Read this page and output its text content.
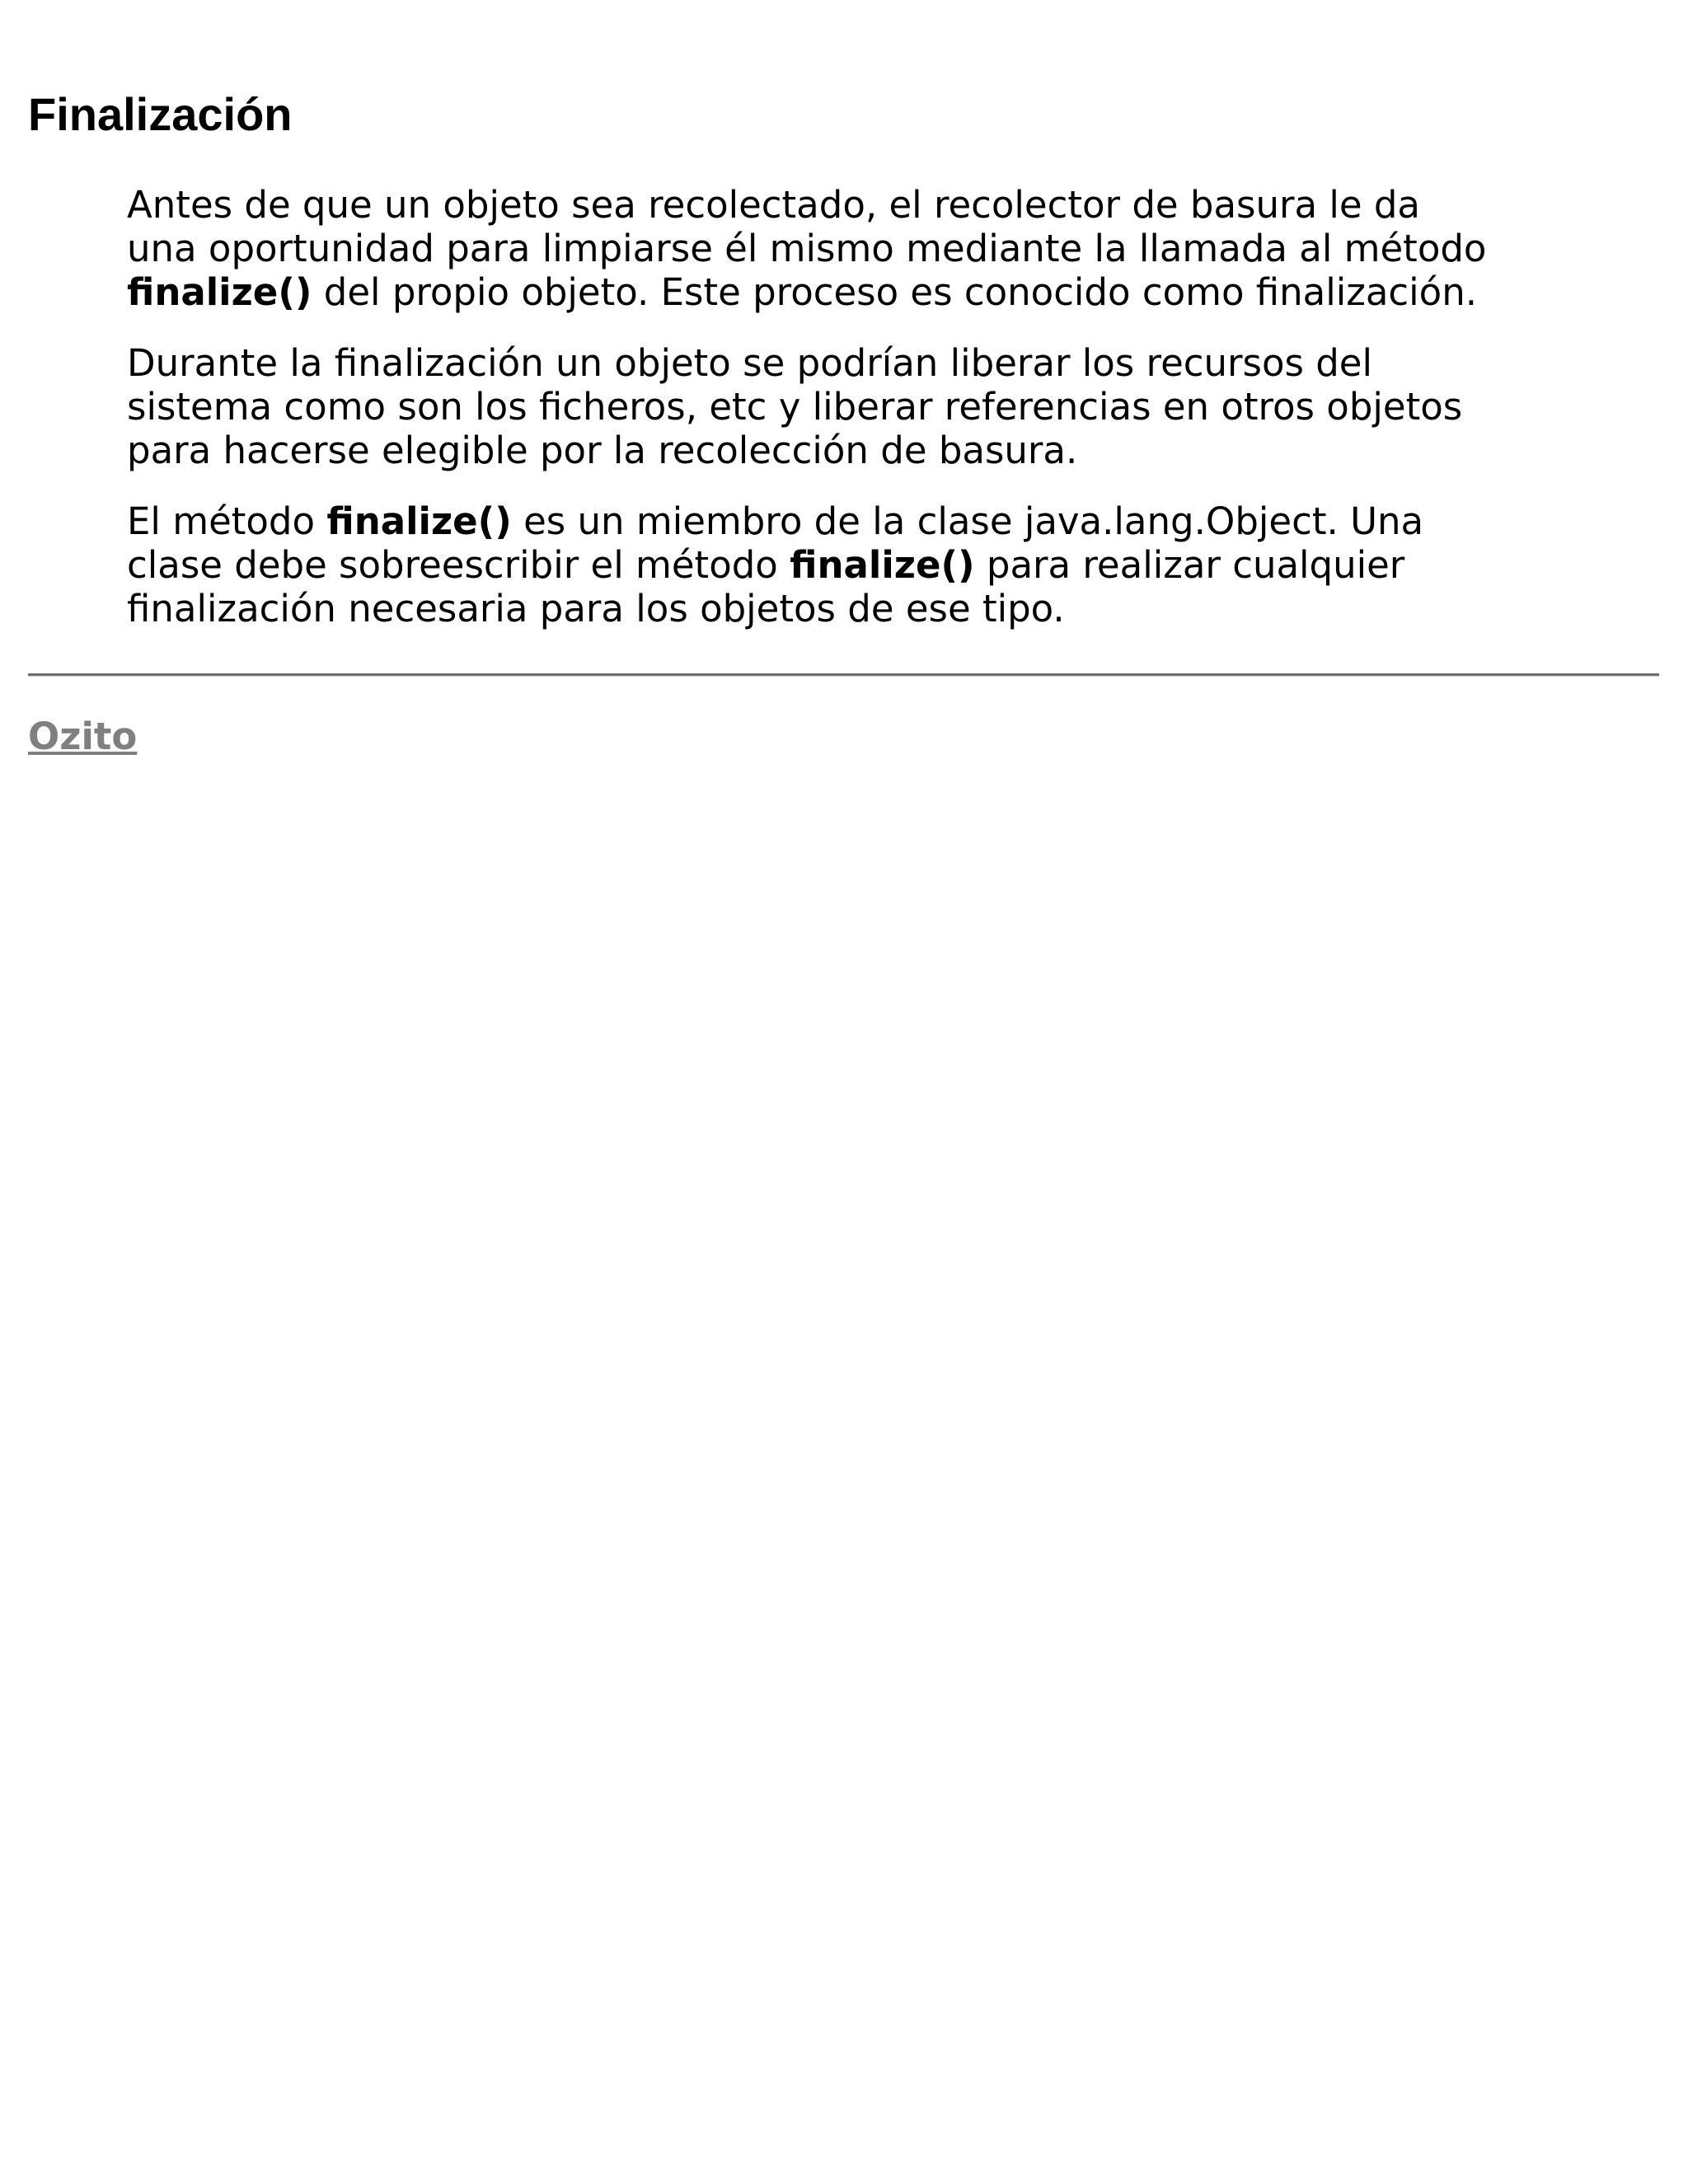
Finalización

Antes de que un objeto sea recolectado, el recolector de basura le da
una oportunidad para limpiarse él mismo mediante la llamada al método
finalize() del propio objeto. Este proceso es conocido como finalización.

Durante la finalización un objeto se podrían liberar los recursos del
sistema como son los ficheros, etc y liberar referencias en otros objetos
para hacerse elegible por la recolección de basura.

El método finalize() es un miembro de la clase java.lang.Object. Una
clase debe sobreescribir el método finalize() para realizar cualquier
finalización necesaria para los objetos de ese tipo.

Ozito
